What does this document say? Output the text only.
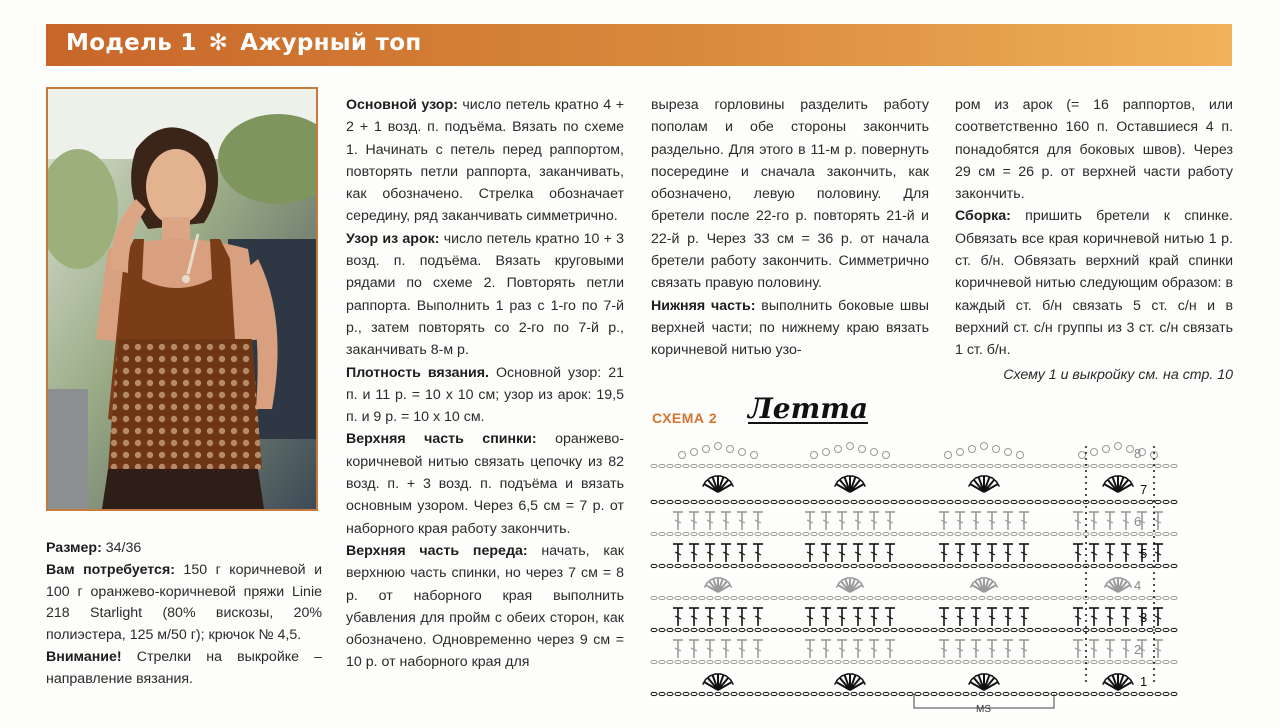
Модель 1 ✻ Ажурный топ
Размер: 34/36
Вам потребуется: 150 г коричневой и 100 г оранжево-коричневой пряжи Linie 218 Starlight (80% вискозы, 20% полиэстера, 125 м/50 г); крючок № 4,5.
Внимание! Стрелки на выкройке – направление вязания.

Основной узор: число петель кратно 4 + 2 + 1 возд. п. подъёма. Вязать по схеме 1. Начинать с петель перед раппортом, повторять петли раппорта, заканчивать, как обозначено. Стрелка обозначает середину, ряд заканчивать симметрично.

Узор из арок: число петель кратно 10 + 3 возд. п. подъёма. Вязать круговыми рядами по схеме 2. Повторять петли раппорта. Выполнить 1 раз с 1-го по 7-й р., затем повторять со 2-го по 7-й р., заканчивать 8-м р.

Плотность вязания. Основной узор: 21 п. и 11 р. = 10 х 10 см; узор из арок: 19,5 п. и 9 р. = 10 х 10 см.

Верхняя часть спинки: оранжево-коричневой нитью связать цепочку из 82 возд. п. + 3 возд. п. подъёма и вязать основным узором. Через 6,5 см = 7 р. от наборного края работу закончить.

Верхняя часть переда: начать, как верхнюю часть спинки, но через 7 см = 8 р. от наборного края выполнить убавления для пройм с обеих сторон, как обозначено. Одновременно через 9 см = 10 р. от наборного края для

выреза горловины разделить работу пополам и обе стороны закончить раздельно. Для этого в 11-м р. повернуть посередине и сначала закончить, как обозначено, левую половину. Для бретели после 22-го р. повторять 21-й и 22-й р. Через 33 см = 36 р. от начала бретели работу закончить. Симметрично связать правую половину.

Нижняя часть: выполнить боковые швы верхней части; по нижнему краю вязать коричневой нитью узо-

ром из арок (= 16 раппортов, или соответственно 160 п. Оставшиеся 4 п. понадобятся для боковых швов). Через 29 см = 26 р. от верхней части работу закончить.

Сборка: пришить бретели к спинке. Обвязать все края коричневой нитью 1 р. ст. б/н. Обвязать верхний край спинки коричневой нитью следующим образом: в каждый ст. б/н связать 5 ст. с/н и в верхний ст. с/н группы из 3 ст. с/н связать 1 ст. б/н.

Схему 1 и выкройку см. на стр. 10

СХЕМА 2 Летта
1
2
3
4
5
6
7
8
MS
